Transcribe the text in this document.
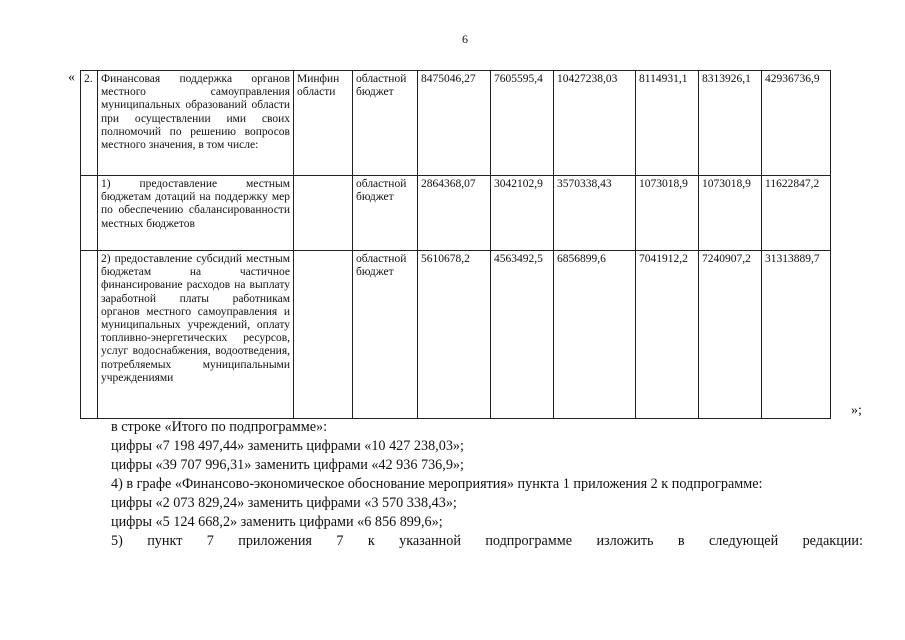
6
« 2.	Финансовая поддержка органов местного самоуправления муниципальных образований области при осуществлении ими своих полномочий по решению вопросов местного значения, в том числе:	Минфин области	областной бюджет	8475046,27	7605595,4	10427238,03	8114931,1	8313926,1	42936736,9
	1) предоставление местным бюджетам дотаций на поддержку мер по обеспечению сбалансированности местных бюджетов		областной бюджет	2864368,07	3042102,9	3570338,43	1073018,9	1073018,9	11622847,2
	2) предоставление субсидий местным бюджетам на частичное финансирование расходов на выплату заработной платы работникам органов местного самоуправления и муниципальных учреждений, оплату топливно-энергетических ресурсов, услуг водоснабжения, водоотведения, потребляемых муниципальными учреждениями		областной бюджет	5610678,2	4563492,5	6856899,6	7041912,2	7240907,2	31313889,7
»;

в строке «Итого по подпрограмме»:

цифры «7 198 497,44» заменить цифрами «10 427 238,03»;

цифры «39 707 996,31» заменить цифрами «42 936 736,9»;

4) в графе «Финансово-экономическое обоснование мероприятия» пункта 1 приложения 2 к подпрограмме:

цифры «2 073 829,24» заменить цифрами «3 570 338,43»;

цифры «5 124 668,2» заменить цифрами «6 856 899,6»;

5) пункт 7 приложения 7 к указанной подпрограмме изложить в следующей редакции:
